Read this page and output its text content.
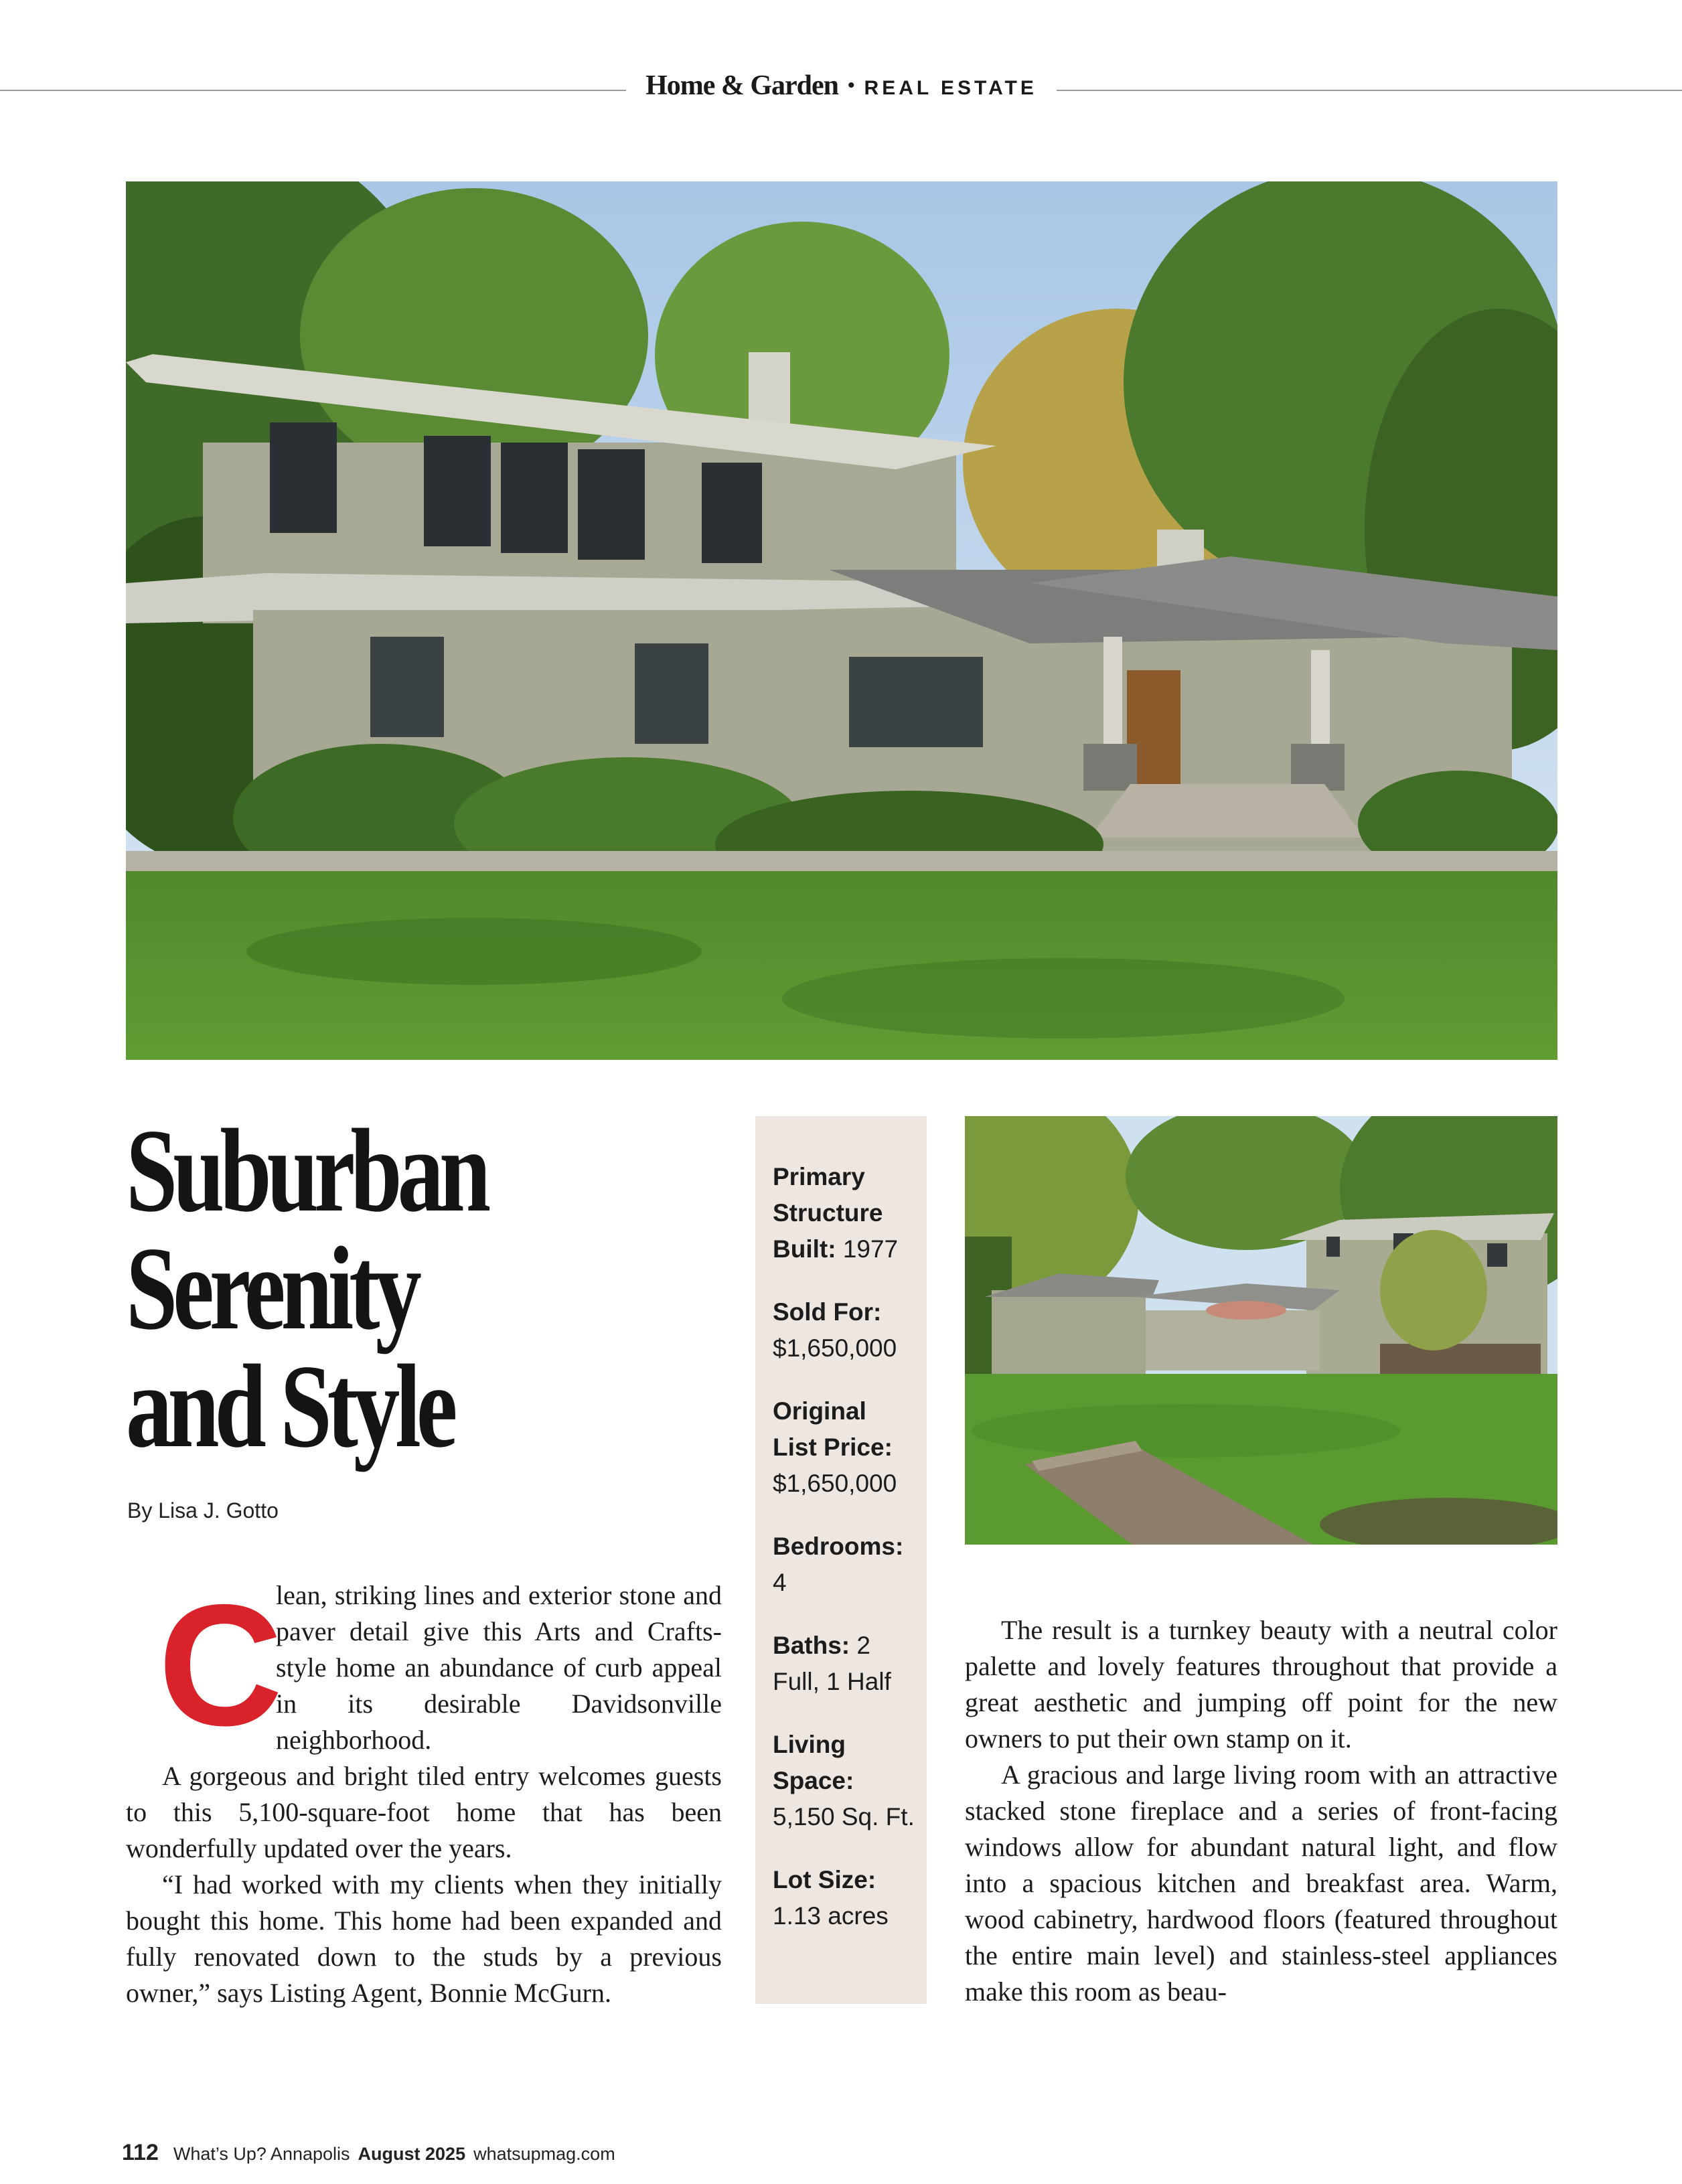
Home & Garden • REAL ESTATE
Suburban
Serenity
and Style
By Lisa J. Gotto
C

lean, striking lines and exterior stone and paver detail give this Arts and Crafts-style home an abundance of curb appeal in its desirable Davidsonville neighborhood.

A gorgeous and bright tiled entry welcomes guests to this 5,100-square-foot home that has been wonderfully updated over the years.

“I had worked with my clients when they initially bought this home. This home had been expanded and fully renovated down to the studs by a previous owner,” says Listing Agent, Bonnie McGurn.

Primary Structure Built: 1977
Sold For: $1,650,000
Original List Price: $1,650,000
Bedrooms: 4
Baths: 2 Full, 1 Half
Living Space: 5,150 Sq. Ft.
Lot Size: 1.13 acres

The result is a turnkey beauty with a neutral color palette and lovely features throughout that provide a great aesthetic and jumping off point for the new owners to put their own stamp on it.

A gracious and large living room with an attractive stacked stone fireplace and a series of front-facing windows allow for abundant natural light, and flow into a spacious kitchen and breakfast area. Warm, wood cabinetry, hardwood floors (featured throughout the entire main level) and stainless-steel appliances make this room as beau-

112 What’s Up? Annapolis August 2025 whatsupmag.com
